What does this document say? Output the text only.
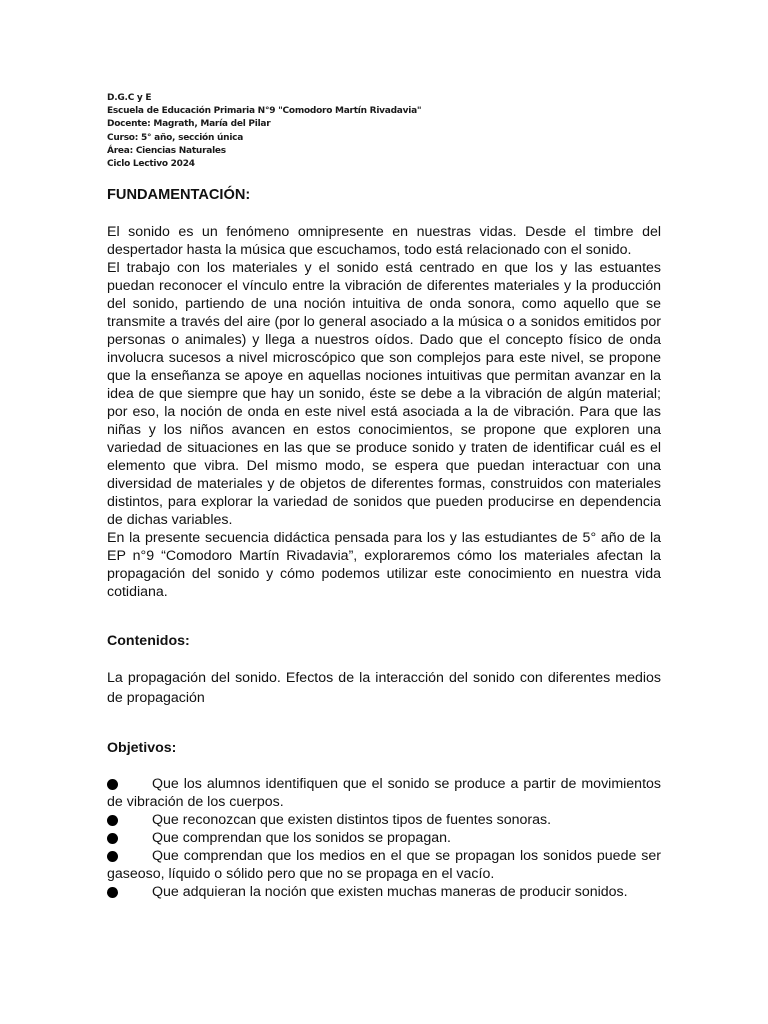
D.G.C y E
Escuela de Educación Primaria N°9 "Comodoro Martín Rivadavia"
Docente: Magrath, María del Pilar
Curso: 5° año, sección única
Área: Ciencias Naturales
Ciclo Lectivo 2024
FUNDAMENTACIÓN:

El sonido es un fenómeno omnipresente en nuestras vidas. Desde el timbre del despertador hasta la música que escuchamos, todo está relacionado con el sonido.

El trabajo con los materiales y el sonido está centrado en que los y las estuantes puedan reconocer el vínculo entre la vibración de diferentes materiales y la producción del sonido, partiendo de una noción intuitiva de onda sonora, como aquello que se transmite a través del aire (por lo general asociado a la música o a sonidos emitidos por personas o animales) y llega a nuestros oídos. Dado que el concepto físico de onda involucra sucesos a nivel microscópico que son complejos para este nivel, se propone que la enseñanza se apoye en aquellas nociones intuitivas que permitan avanzar en la idea de que siempre que hay un sonido, éste se debe a la vibración de algún material; por eso, la noción de onda en este nivel está asociada a la de vibración. Para que las niñas y los niños avancen en estos conocimientos, se propone que exploren una variedad de situaciones en las que se produce sonido y traten de identificar cuál es el elemento que vibra. Del mismo modo, se espera que puedan interactuar con una diversidad de materiales y de objetos de diferentes formas, construidos con materiales distintos, para explorar la variedad de sonidos que pueden producirse en dependencia de dichas variables.

En la presente secuencia didáctica pensada para los y las estudiantes de 5° año de la EP n°9 “Comodoro Martín Rivadavia”, exploraremos cómo los materiales afectan la propagación del sonido y cómo podemos utilizar este conocimiento en nuestra vida cotidiana.

Contenidos:

La propagación del sonido. Efectos de la interacción del sonido con diferentes medios de propagación

Objetivos:
Que los alumnos identifiquen que el sonido se produce a partir de movimientos de vibración de los cuerpos.
Que reconozcan que existen distintos tipos de fuentes sonoras.
Que comprendan que los sonidos se propagan.
Que comprendan que los medios en el que se propagan los sonidos puede ser gaseoso, líquido o sólido pero que no se propaga en el vacío.
Que adquieran la noción que existen muchas maneras de producir sonidos.
